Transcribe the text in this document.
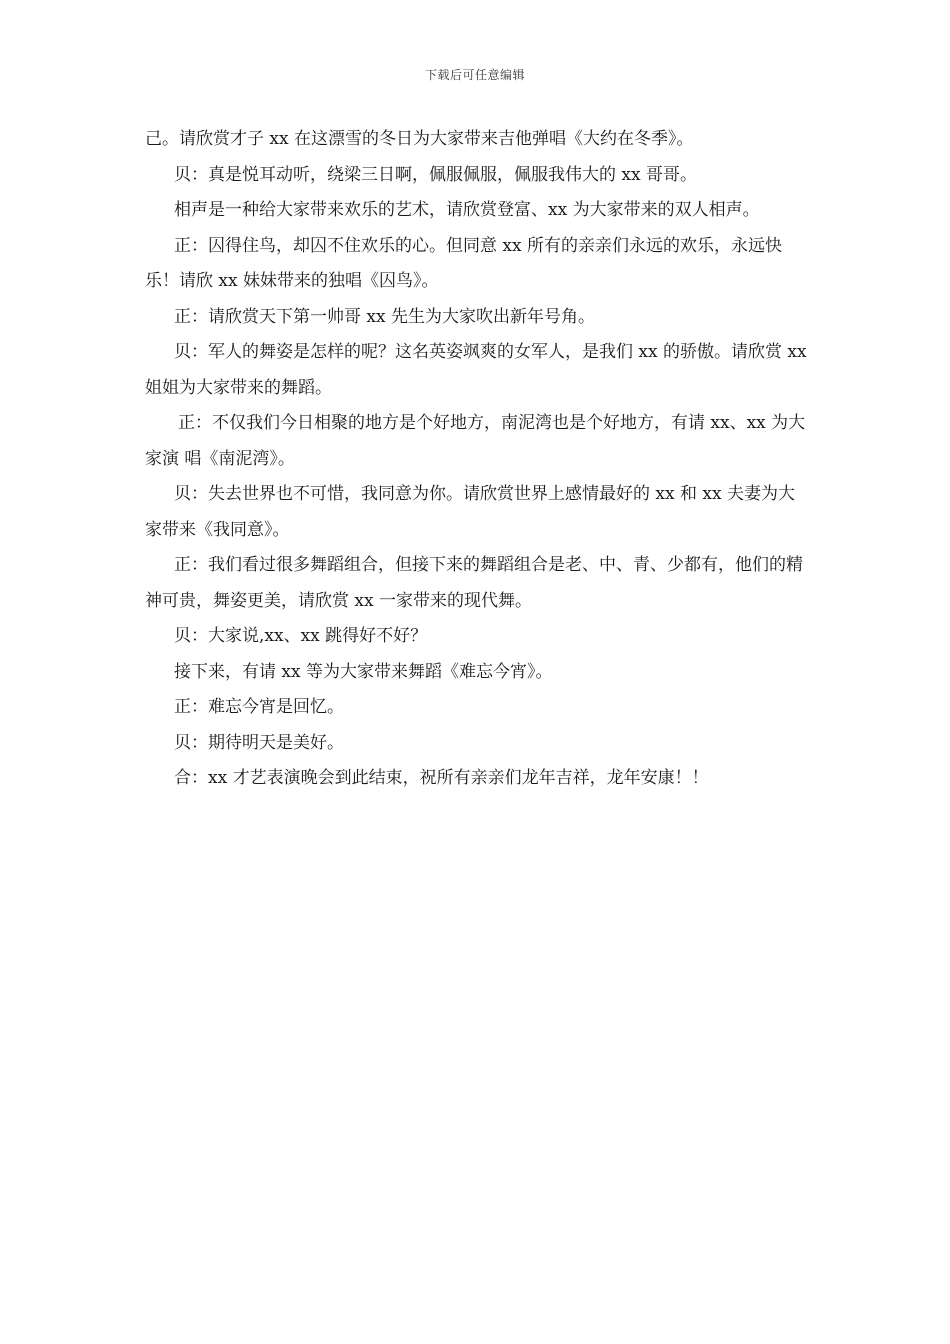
下载后可任意编辑

己。请欣赏才子 xx 在这漂雪的冬日为大家带来吉他弹唱《大约在冬季》。

贝：真是悦耳动听，绕梁三日啊，佩服佩服，佩服我伟大的 xx 哥哥。

相声是一种给大家带来欢乐的艺术，请欣赏登富、xx 为大家带来的双人相声。

正：囚得住鸟，却囚不住欢乐的心。但同意 xx 所有的亲亲们永远的欢乐，永远快乐！请欣 xx 妹妹带来的独唱《囚鸟》。

正：请欣赏天下第一帅哥 xx 先生为大家吹出新年号角。

贝：军人的舞姿是怎样的呢？这名英姿飒爽的女军人，是我们 xx 的骄傲。请欣赏 xx 姐姐为大家带来的舞蹈。

正：不仅我们今日相聚的地方是个好地方，南泥湾也是个好地方，有请 xx、xx 为大家演 唱《南泥湾》。

贝：失去世界也不可惜，我同意为你。请欣赏世界上感情最好的 xx 和 xx 夫妻为大家带来《我同意》。

正：我们看过很多舞蹈组合，但接下来的舞蹈组合是老、中、青、少都有，他们的精神可贵，舞姿更美，请欣赏 xx 一家带来的现代舞。

贝：大家说,xx、xx 跳得好不好？

接下来，有请 xx 等为大家带来舞蹈《难忘今宵》。

正：难忘今宵是回忆。

贝：期待明天是美好。

合：xx 才艺表演晚会到此结束，祝所有亲亲们龙年吉祥，龙年安康！！
